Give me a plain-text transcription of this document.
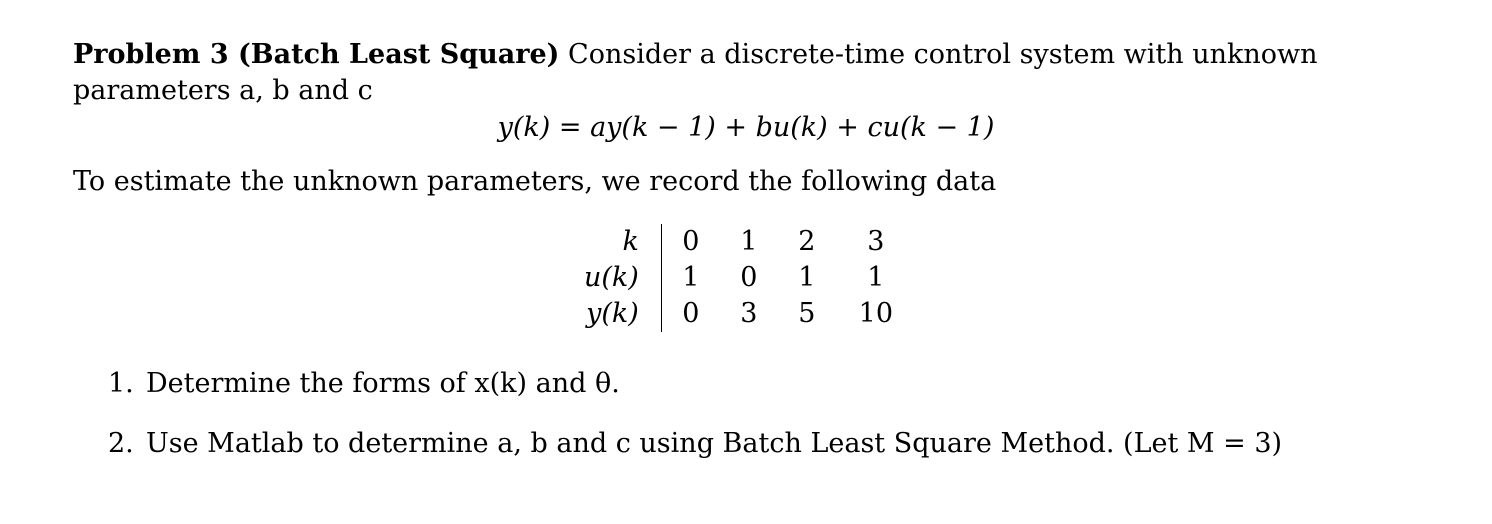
Problem 3 (Batch Least Square) Consider a discrete-time control system with unknown parameters a, b and c
y(k) = ay(k − 1) + bu(k) + cu(k − 1)
To estimate the unknown parameters, we record the following data
k	0	1	2	3
u(k)	1	0	1	1
y(k)	0	3	5	10
1. Determine the forms of x(k) and θ.
2. Use Matlab to determine a, b and c using Batch Least Square Method. (Let M = 3)
